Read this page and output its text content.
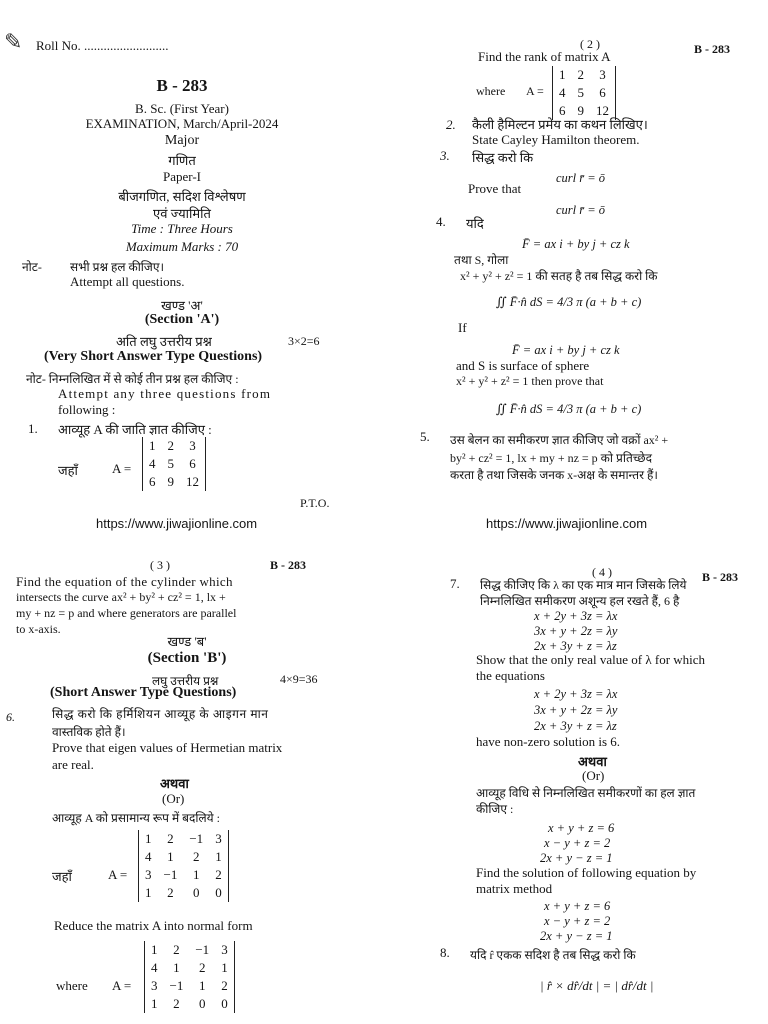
✎ Roll No. ..........................
B - 283
B. Sc. (First Year)
EXAMINATION, March/April-2024
Major
गणित
Paper-I
बीजगणित, सदिश विश्लेषण
एवं ज्यामिति
Time : Three Hours
Maximum Marks : 70
नोट- सभी प्रश्न हल कीजिए।
Attempt all questions.
खण्ड 'अ'
(Section 'A')
अति लघु उत्तरीय प्रश्न	3×2=6
(Very Short Answer Type Questions)
नोट- निम्नलिखित में से कोई तीन प्रश्न हल कीजिए :
Attempt any three questions from
following :
1. आव्यूह A की जाति ज्ञात कीजिए :
जहाँ	A =
1	2	3
4	5	6
6	9	12
P.T.O.
https://www.jiwajionline.com
( 2 )	B - 283
Find the rank of matrix A
where A =
1	2	3
4	5	6
6	9	12
2. कैली हैमिल्टन प्रमेय का कथन लिखिए।
State Cayley Hamilton theorem.
3. सिद्ध करो कि
curl r̄ = ō
Prove that
curl r̄ = ō
4. यदि
F̄ = ax i + by j + cz k
तथा S, गोला
x² + y² + z² = 1 की सतह है तब सिद्ध करो कि
∬ F̄·n̂ dS = 4/3 π (a + b + c)
If
F̄ = ax i + by j + cz k
and S is surface of sphere
x² + y² + z² = 1 then prove that
∬ F̄·n̂ dS = 4/3 π (a + b + c)
5. उस बेलन का समीकरण ज्ञात कीजिए जो वक्रों ax² +
by² + cz² = 1, lx + my + nz = p को प्रतिच्छेद
करता है तथा जिसके जनक x-अक्ष के समान्तर हैं।
https://www.jiwajionline.com
( 3 )	B - 283
Find the equation of the cylinder which
intersects the curve ax² + by² + cz² = 1, lx +
my + nz = p and where generators are parallel
to x-axis.
खण्ड 'ब'
(Section 'B')
लघु उत्तरीय प्रश्न	4×9=36
(Short Answer Type Questions)
6.	सिद्ध करो कि हर्मिशियन आव्यूह के आइगन मान
वास्तविक होते हैं।
Prove that eigen values of Hermetian matrix
are real.
अथवा
(Or)
आव्यूह A को प्रसामान्य रूप में बदलिये :
जहाँ	A =
1	2	−1	3
4	1	2	1
3	−1	1	2
1	2	0	0
Reduce the matrix A into normal form
where A =
1	2	−1	3
4	1	2	1
3	−1	1	2
1	2	0	0
( 4 )	B - 283
7. सिद्ध कीजिए कि λ का एक मात्र मान जिसके लिये
निम्नलिखित समीकरण अशून्य हल रखते हैं, 6 है
x + 2y + 3z = λx
3x + y + 2z = λy
2x + 3y + z = λz
Show that the only real value of λ for which
the equations
x + 2y + 3z = λx
3x + y + 2z = λy
2x + 3y + z = λz
have non-zero solution is 6.
अथवा
(Or)
आव्यूह विधि से निम्नलिखित समीकरणों का हल ज्ञात
कीजिए :
x + y + z = 6
x − y + z = 2
2x + y − z = 1
Find the solution of following equation by
matrix method
x + y + z = 6
x − y + z = 2
2x + y − z = 1
8. यदि r̂ एकक सदिश है तब सिद्ध करो कि
| r̂ × dr̂/dt | = | dr̂/dt |
